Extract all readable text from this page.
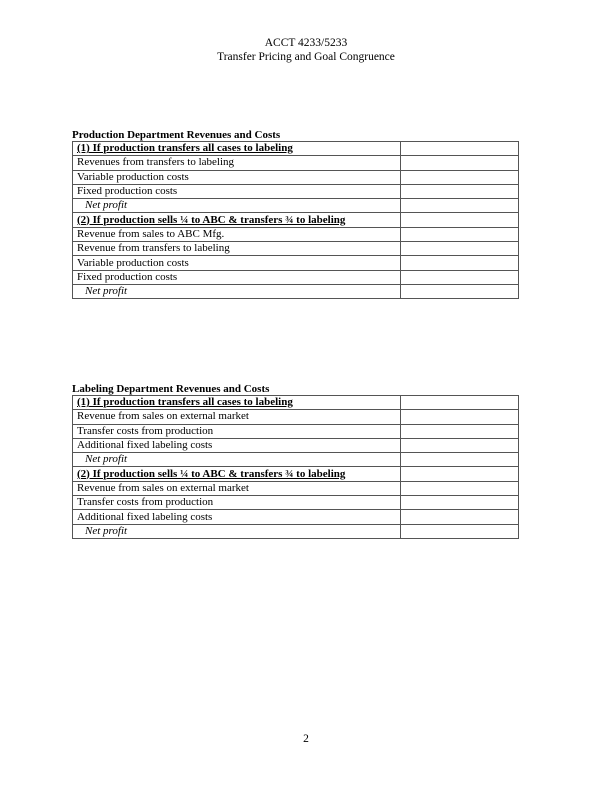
ACCT 4233/5233
Transfer Pricing and Goal Congruence
Production Department Revenues and Costs
(1) If production transfers all cases to labeling	
Revenues from transfers to labeling	
Variable production costs	
Fixed production costs	
Net profit	
(2) If production sells ¼ to ABC & transfers ¾ to labeling	
Revenue from sales to ABC Mfg.	
Revenue from transfers to labeling	
Variable production costs	
Fixed production costs	
Net profit	
Labeling Department Revenues and Costs
(1) If production transfers all cases to labeling	
Revenue from sales on external market	
Transfer costs from production	
Additional fixed labeling costs	
Net profit	
(2) If production sells ¼ to ABC & transfers ¾ to labeling	
Revenue from sales on external market	
Transfer costs from production	
Additional fixed labeling costs	
Net profit	
2
